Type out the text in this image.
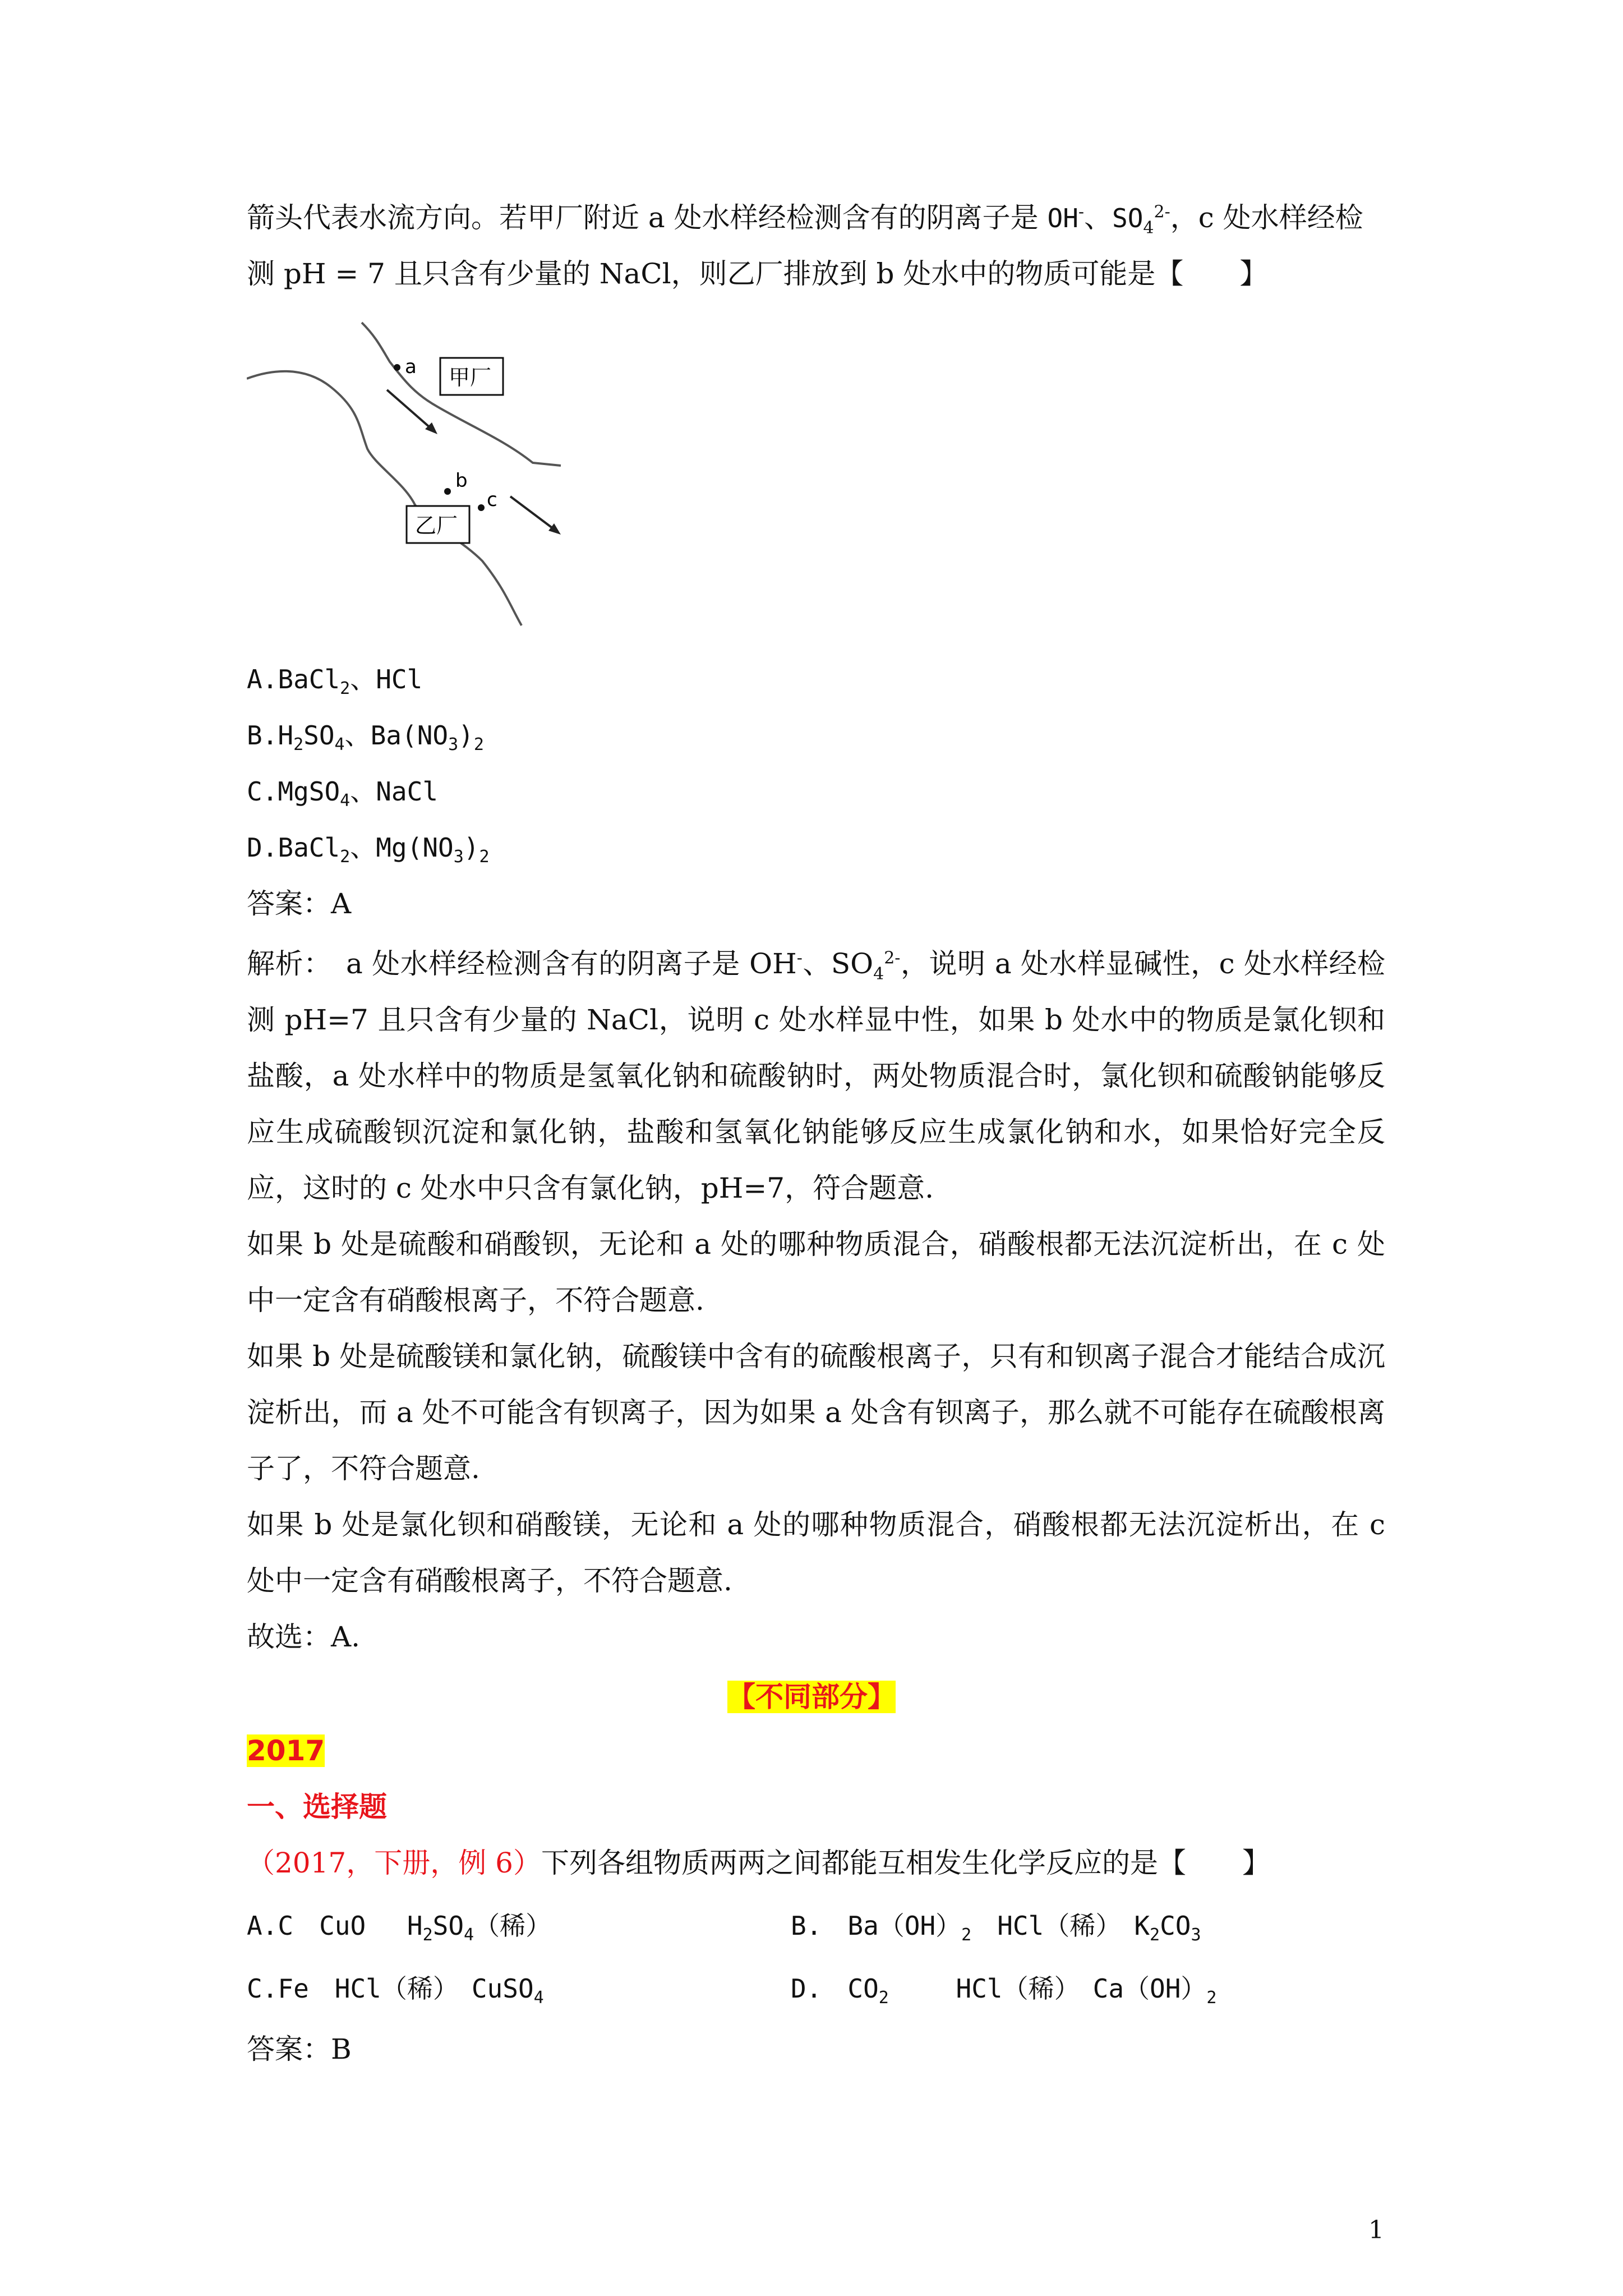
箭头代表水流方向。若甲厂附近 a 处水样经检测含有的阴离子是 OH-、$SO_4^{2-}$，c 处水样经检
测 pH = 7 且只含有少量的 NaCl，则乙厂排放到 b 处水中的物质可能是【　　】
a
b
c
甲厂
乙厂
A.BaCl$_2$、HCl
$B.H_2SO_4$、$Ba(NO_3)_2$
C.MgSO$_4$、NaCl
D.BaCl$_2$、$Mg(NO_3)_2$
答案：A

解析：　a 处水样经检测含有的阴离子是 OH-、$SO_4^{2-}$，说明 a 处水样显碱性，c 处水样经检测 pH=7 且只含有少量的 NaCl，说明 c 处水样显中性，如果 b 处水中的物质是氯化钡和盐酸，a 处水样中的物质是氢氧化钠和硫酸钠时，两处物质混合时，氯化钡和硫酸钠能够反应生成硫酸钡沉淀和氯化钠，盐酸和氢氧化钠能够反应生成氯化钠和水，如果恰好完全反应，这时的 c 处水中只含有氯化钠，pH=7，符合题意.

如果 b 处是硫酸和硝酸钡，无论和 a 处的哪种物质混合，硝酸根都无法沉淀析出，在 c 处中一定含有硝酸根离子，不符合题意.

如果 b 处是硫酸镁和氯化钠，硫酸镁中含有的硫酸根离子，只有和钡离子混合才能结合成沉淀析出，而 a 处不可能含有钡离子，因为如果 a 处含有钡离子，那么就不可能存在硫酸根离子了，不符合题意.

如果 b 处是氯化钡和硝酸镁，无论和 a 处的哪种物质混合，硝酸根都无法沉淀析出，在 c 处中一定含有硝酸根离子，不符合题意.

故选：A.

【不同部分】
2017
一、选择题
（2017，下册，例 6）下列各组物质两两之间都能互相发生化学反应的是【　　】
A.C　CuO　 $H_2SO_4$（稀）	B.　$Ba(OH)_2$　HCl（稀）　$K_2CO_3$
C.Fe　HCl（稀）　CuSO$_4$	D.　$CO_2$　　 HCl（稀）　$Ca(OH)_2$
答案：B
1
